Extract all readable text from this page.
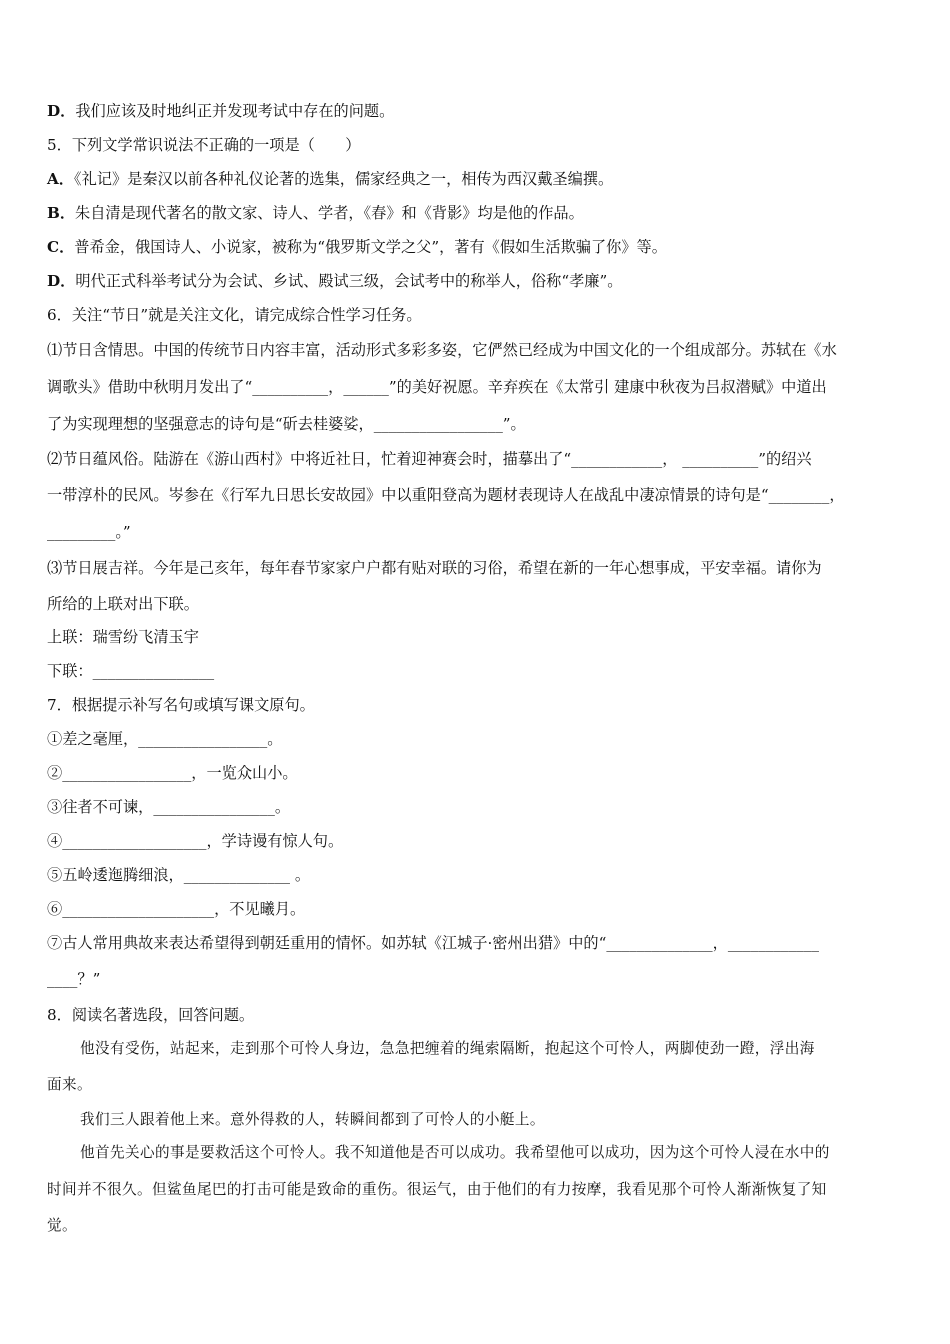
D．我们应该及时地纠正并发现考试中存在的问题。
5．下列文学常识说法不正确的一项是（　　）
A．《礼记》是秦汉以前各种礼仪论著的选集，儒家经典之一，相传为西汉戴圣编撰。
B．朱自清是现代著名的散文家、诗人、学者，《春》和《背影》均是他的作品。
C．普希金，俄国诗人、小说家，被称为“俄罗斯文学之父”，著有《假如生活欺骗了你》等。
D．明代正式科举考试分为会试、乡试、殿试三级，会试考中的称举人，俗称“孝廉”。
6．关注“节日”就是关注文化，请完成综合性学习任务。
⑴节日含情思。中国的传统节日内容丰富，活动形式多彩多姿，它俨然已经成为中国文化的一个组成部分。苏轼在《水
调歌头》借助中秋明月发出了“__________，______”的美好祝愿。辛弃疾在《太常引 建康中秋夜为吕叔潜赋》中道出
了为实现理想的坚强意志的诗句是“斫去桂婆娑，_________________”。
⑵节日蕴风俗。陆游在《游山西村》中将近社日，忙着迎神赛会时，描摹出了“____________， __________”的绍兴
一带淳朴的民风。岑参在《行军九日思长安故园》中以重阳登高为题材表现诗人在战乱中凄凉情景的诗句是“________，
_________。”
⑶节日展吉祥。今年是己亥年，每年春节家家户户都有贴对联的习俗，希望在新的一年心想事成，平安幸福。请你为
所给的上联对出下联。
上联：瑞雪纷飞清玉宇
下联：________________
7．根据提示补写名句或填写课文原句。
①差之毫厘，_________________。
②_________________，一览众山小。
③往者不可谏，________________。
④___________________，学诗谩有惊人句。
⑤五岭逶迤腾细浪，______________ 。
⑥____________________，不见曦月。
⑦古人常用典故来表达希望得到朝廷重用的情怀。如苏轼《江城子·密州出猎》中的“______________，____________
____？”
8．阅读名著选段，回答问题。
他没有受伤，站起来，走到那个可怜人身边，急急把缠着的绳索隔断，抱起这个可怜人，两脚使劲一蹬，浮出海
面来。
我们三人跟着他上来。意外得救的人，转瞬间都到了可怜人的小艇上。
他首先关心的事是要救活这个可怜人。我不知道他是否可以成功。我希望他可以成功，因为这个可怜人浸在水中的
时间并不很久。但鲨鱼尾巴的打击可能是致命的重伤。很运气，由于他们的有力按摩，我看见那个可怜人渐渐恢复了知
觉。
